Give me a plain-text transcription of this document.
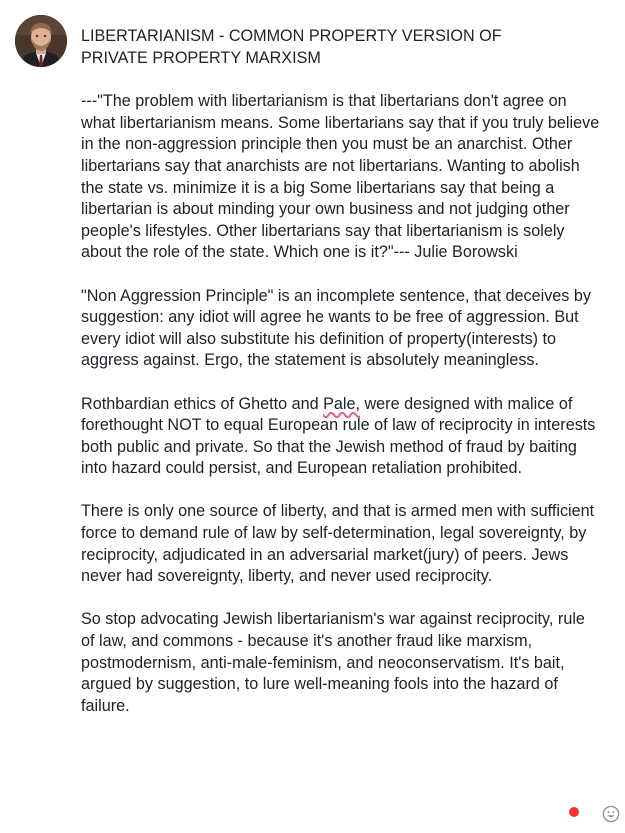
LIBERTARIANISM - COMMON PROPERTY VERSION OF
PRIVATE PROPERTY MARXISM

---"The problem with libertarianism is that libertarians don't agree on what libertarianism means. Some libertarians say that if you truly believe in the non-aggression principle then you must be an anarchist. Other libertarians say that anarchists are not libertarians. Wanting to abolish the state vs. minimize it is a big Some libertarians say that being a libertarian is about minding your own business and not judging other people's lifestyles. Other libertarians say that libertarianism is solely about the role of the state. Which one is it?"--- Julie Borowski

"Non Aggression Principle" is an incomplete sentence, that deceives by suggestion: any idiot will agree he wants to be free of aggression. But every idiot will also substitute his definition of property(interests) to aggress against. Ergo, the statement is absolutely meaningless.

Rothbardian ethics of Ghetto and Pale, were designed with malice of forethought NOT to equal European rule of law of reciprocity in interests both public and private. So that the Jewish method of fraud by baiting into hazard could persist, and European retaliation prohibited.

There is only one source of liberty, and that is armed men with sufficient force to demand rule of law by self-determination, legal sovereignty, by reciprocity, adjudicated in an adversarial market(jury) of peers. Jews never had sovereignty, liberty, and never used reciprocity.

So stop advocating Jewish libertarianism's war against reciprocity, rule of law, and commons - because it's another fraud like marxism, postmodernism, anti-male-feminism, and neoconservatism. It's bait, argued by suggestion, to lure well-meaning fools into the hazard of failure.
